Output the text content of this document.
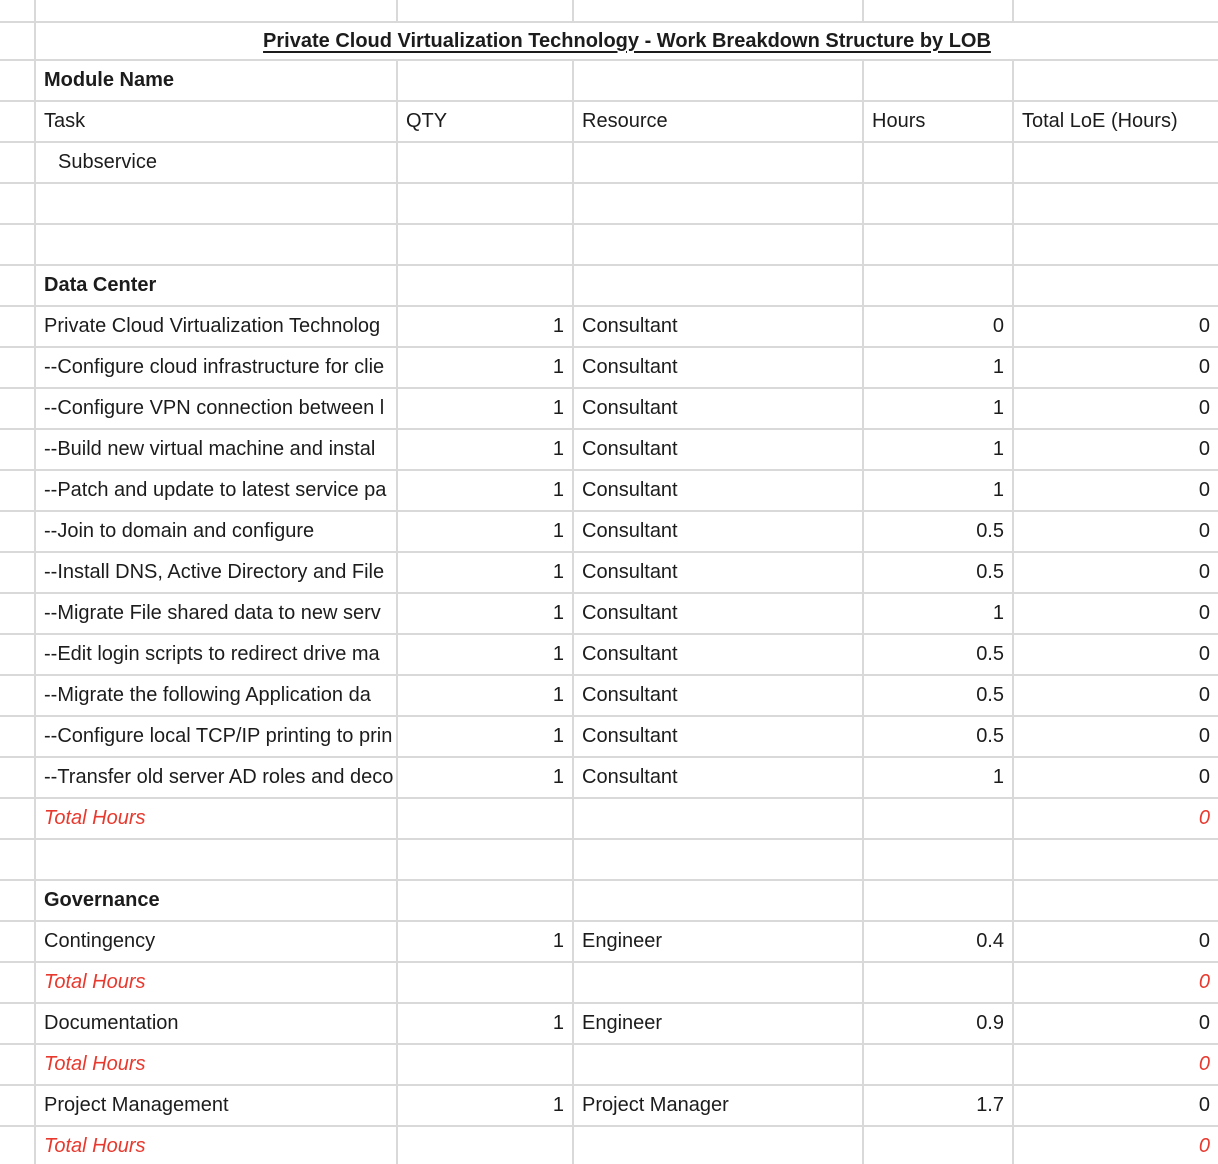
	Private Cloud Virtualization Technology - Work Breakdown Structure by LOB				
	Module Name				
	Task	QTY	Resource	Hours	Total LoE (Hours)
	Subservice				

	Data Center				
	Private Cloud Virtualization Technolog	1	Consultant	0	0
	--Configure cloud infrastructure for clie	1	Consultant	1	0
	--Configure VPN connection between l	1	Consultant	1	0
	--Build new virtual machine and instal	1	Consultant	1	0
	--Patch and update to latest service pa	1	Consultant	1	0
	--Join to domain and configure	1	Consultant	0.5	0
	--Install DNS, Active Directory and File	1	Consultant	0.5	0
	--Migrate File shared data to new serv	1	Consultant	1	0
	--Edit login scripts to redirect drive ma	1	Consultant	0.5	0
	--Migrate the following Application da	1	Consultant	0.5	0
	--Configure local TCP/IP printing to prin	1	Consultant	0.5	0
	--Transfer old server AD roles and deco	1	Consultant	1	0
	Total Hours				0

	Governance				
	Contingency	1	Engineer	0.4	0
	Total Hours				0
	Documentation	1	Engineer	0.9	0
	Total Hours				0
	Project Management	1	Project Manager	1.7	0
	Total Hours				0
